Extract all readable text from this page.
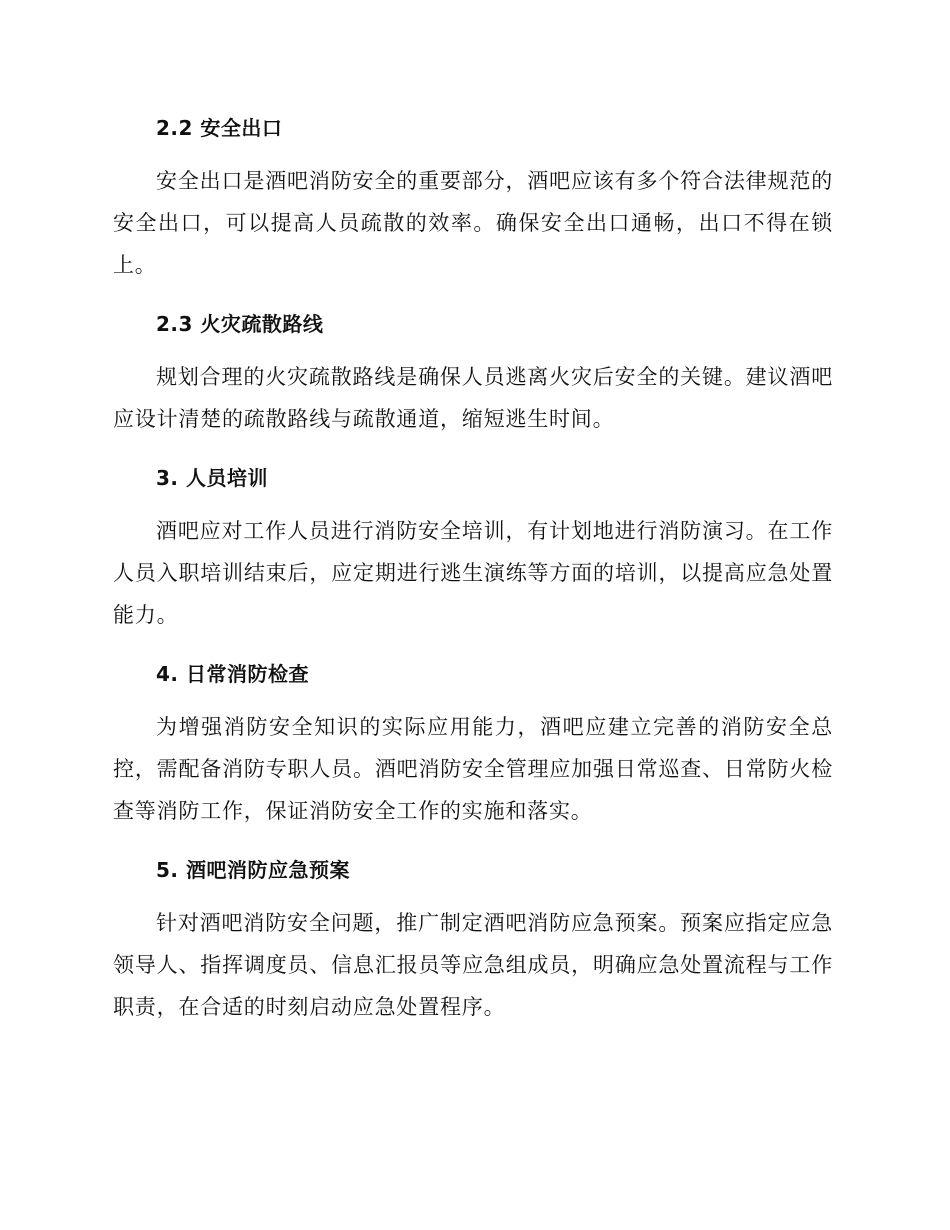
2.2 安全出口

安全出口是酒吧消防安全的重要部分，酒吧应该有多个符合法律规范的安全出口，可以提高人员疏散的效率。确保安全出口通畅，出口不得在锁上。

2.3 火灾疏散路线

规划合理的火灾疏散路线是确保人员逃离火灾后安全的关键。建议酒吧应设计清楚的疏散路线与疏散通道，缩短逃生时间。

3. 人员培训

酒吧应对工作人员进行消防安全培训，有计划地进行消防演习。在工作人员入职培训结束后，应定期进行逃生演练等方面的培训，以提高应急处置能力。

4. 日常消防检查

为增强消防安全知识的实际应用能力，酒吧应建立完善的消防安全总控，需配备消防专职人员。酒吧消防安全管理应加强日常巡查、日常防火检查等消防工作，保证消防安全工作的实施和落实。

5. 酒吧消防应急预案

针对酒吧消防安全问题，推广制定酒吧消防应急预案。预案应指定应急领导人、指挥调度员、信息汇报员等应急组成员，明确应急处置流程与工作职责，在合适的时刻启动应急处置程序。
